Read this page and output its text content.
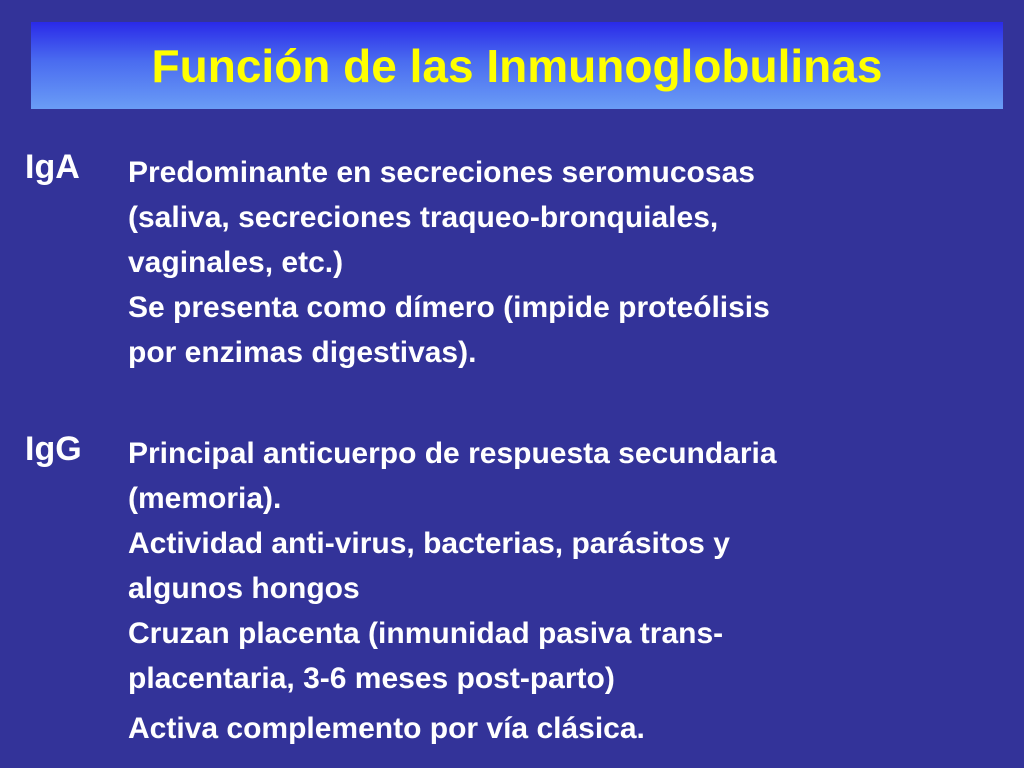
Función de las Inmunoglobulinas
IgA Predominante en secreciones seromucosas
(saliva, secreciones traqueo-bronquiales,
vaginales, etc.)
Se presenta como dímero (impide proteólisis
por enzimas digestivas).
IgG Principal anticuerpo de respuesta secundaria
(memoria).
Actividad anti-virus, bacterias, parásitos y
algunos hongos
Cruzan placenta (inmunidad pasiva trans-
placentaria, 3-6 meses post-parto)
Activa complemento por vía clásica.
